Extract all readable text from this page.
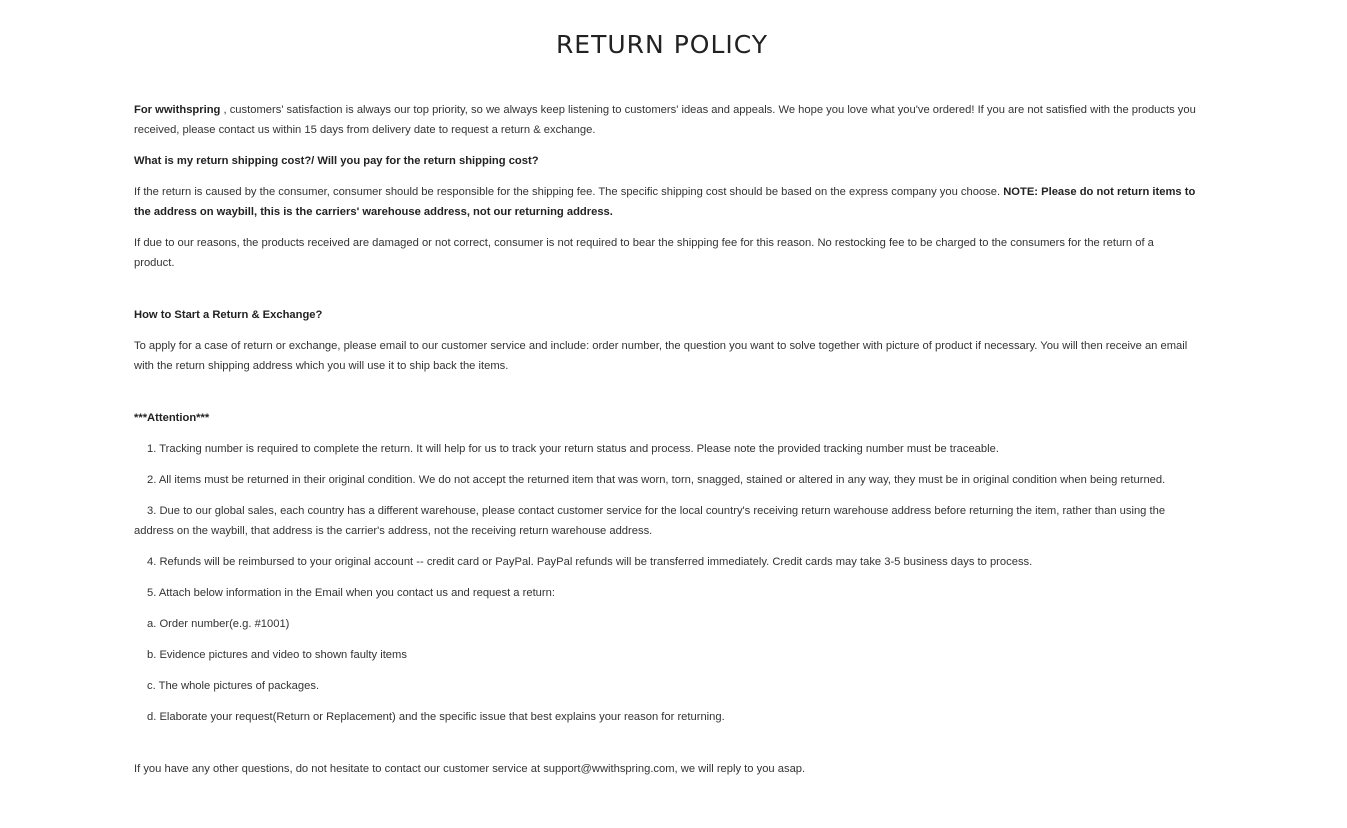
RETURN POLICY

For wwithspring , customers' satisfaction is always our top priority, so we always keep listening to customers' ideas and appeals. We hope you love what you've ordered! If you are not satisfied with the products you received, please contact us within 15 days from delivery date to request a return & exchange.

What is my return shipping cost?/ Will you pay for the return shipping cost?

If the return is caused by the consumer, consumer should be responsible for the shipping fee. The specific shipping cost should be based on the express company you choose. NOTE: Please do not return items to the address on waybill, this is the carriers' warehouse address, not our returning address.

If due to our reasons, the products received are damaged or not correct, consumer is not required to bear the shipping fee for this reason. No restocking fee to be charged to the consumers for the return of a product.

How to Start a Return & Exchange?

To apply for a case of return or exchange, please email to our customer service and include: order number, the question you want to solve together with picture of product if necessary. You will then receive an email with the return shipping address which you will use it to ship back the items.

***Attention***

1. Tracking number is required to complete the return. It will help for us to track your return status and process. Please note the provided tracking number must be traceable.

2. All items must be returned in their original condition. We do not accept the returned item that was worn, torn, snagged, stained or altered in any way, they must be in original condition when being returned.

3. Due to our global sales, each country has a different warehouse, please contact customer service for the local country's receiving return warehouse address before returning the item, rather than using the address on the waybill, that address is the carrier's address, not the receiving return warehouse address.

4. Refunds will be reimbursed to your original account -- credit card or PayPal. PayPal refunds will be transferred immediately. Credit cards may take 3-5 business days to process.

5. Attach below information in the Email when you contact us and request a return:

a. Order number(e.g. #1001)

b. Evidence pictures and video to shown faulty items

c. The whole pictures of packages.

d. Elaborate your request(Return or Replacement) and the specific issue that best explains your reason for returning.

If you have any other questions, do not hesitate to contact our customer service at support@wwithspring.com, we will reply to you asap.
